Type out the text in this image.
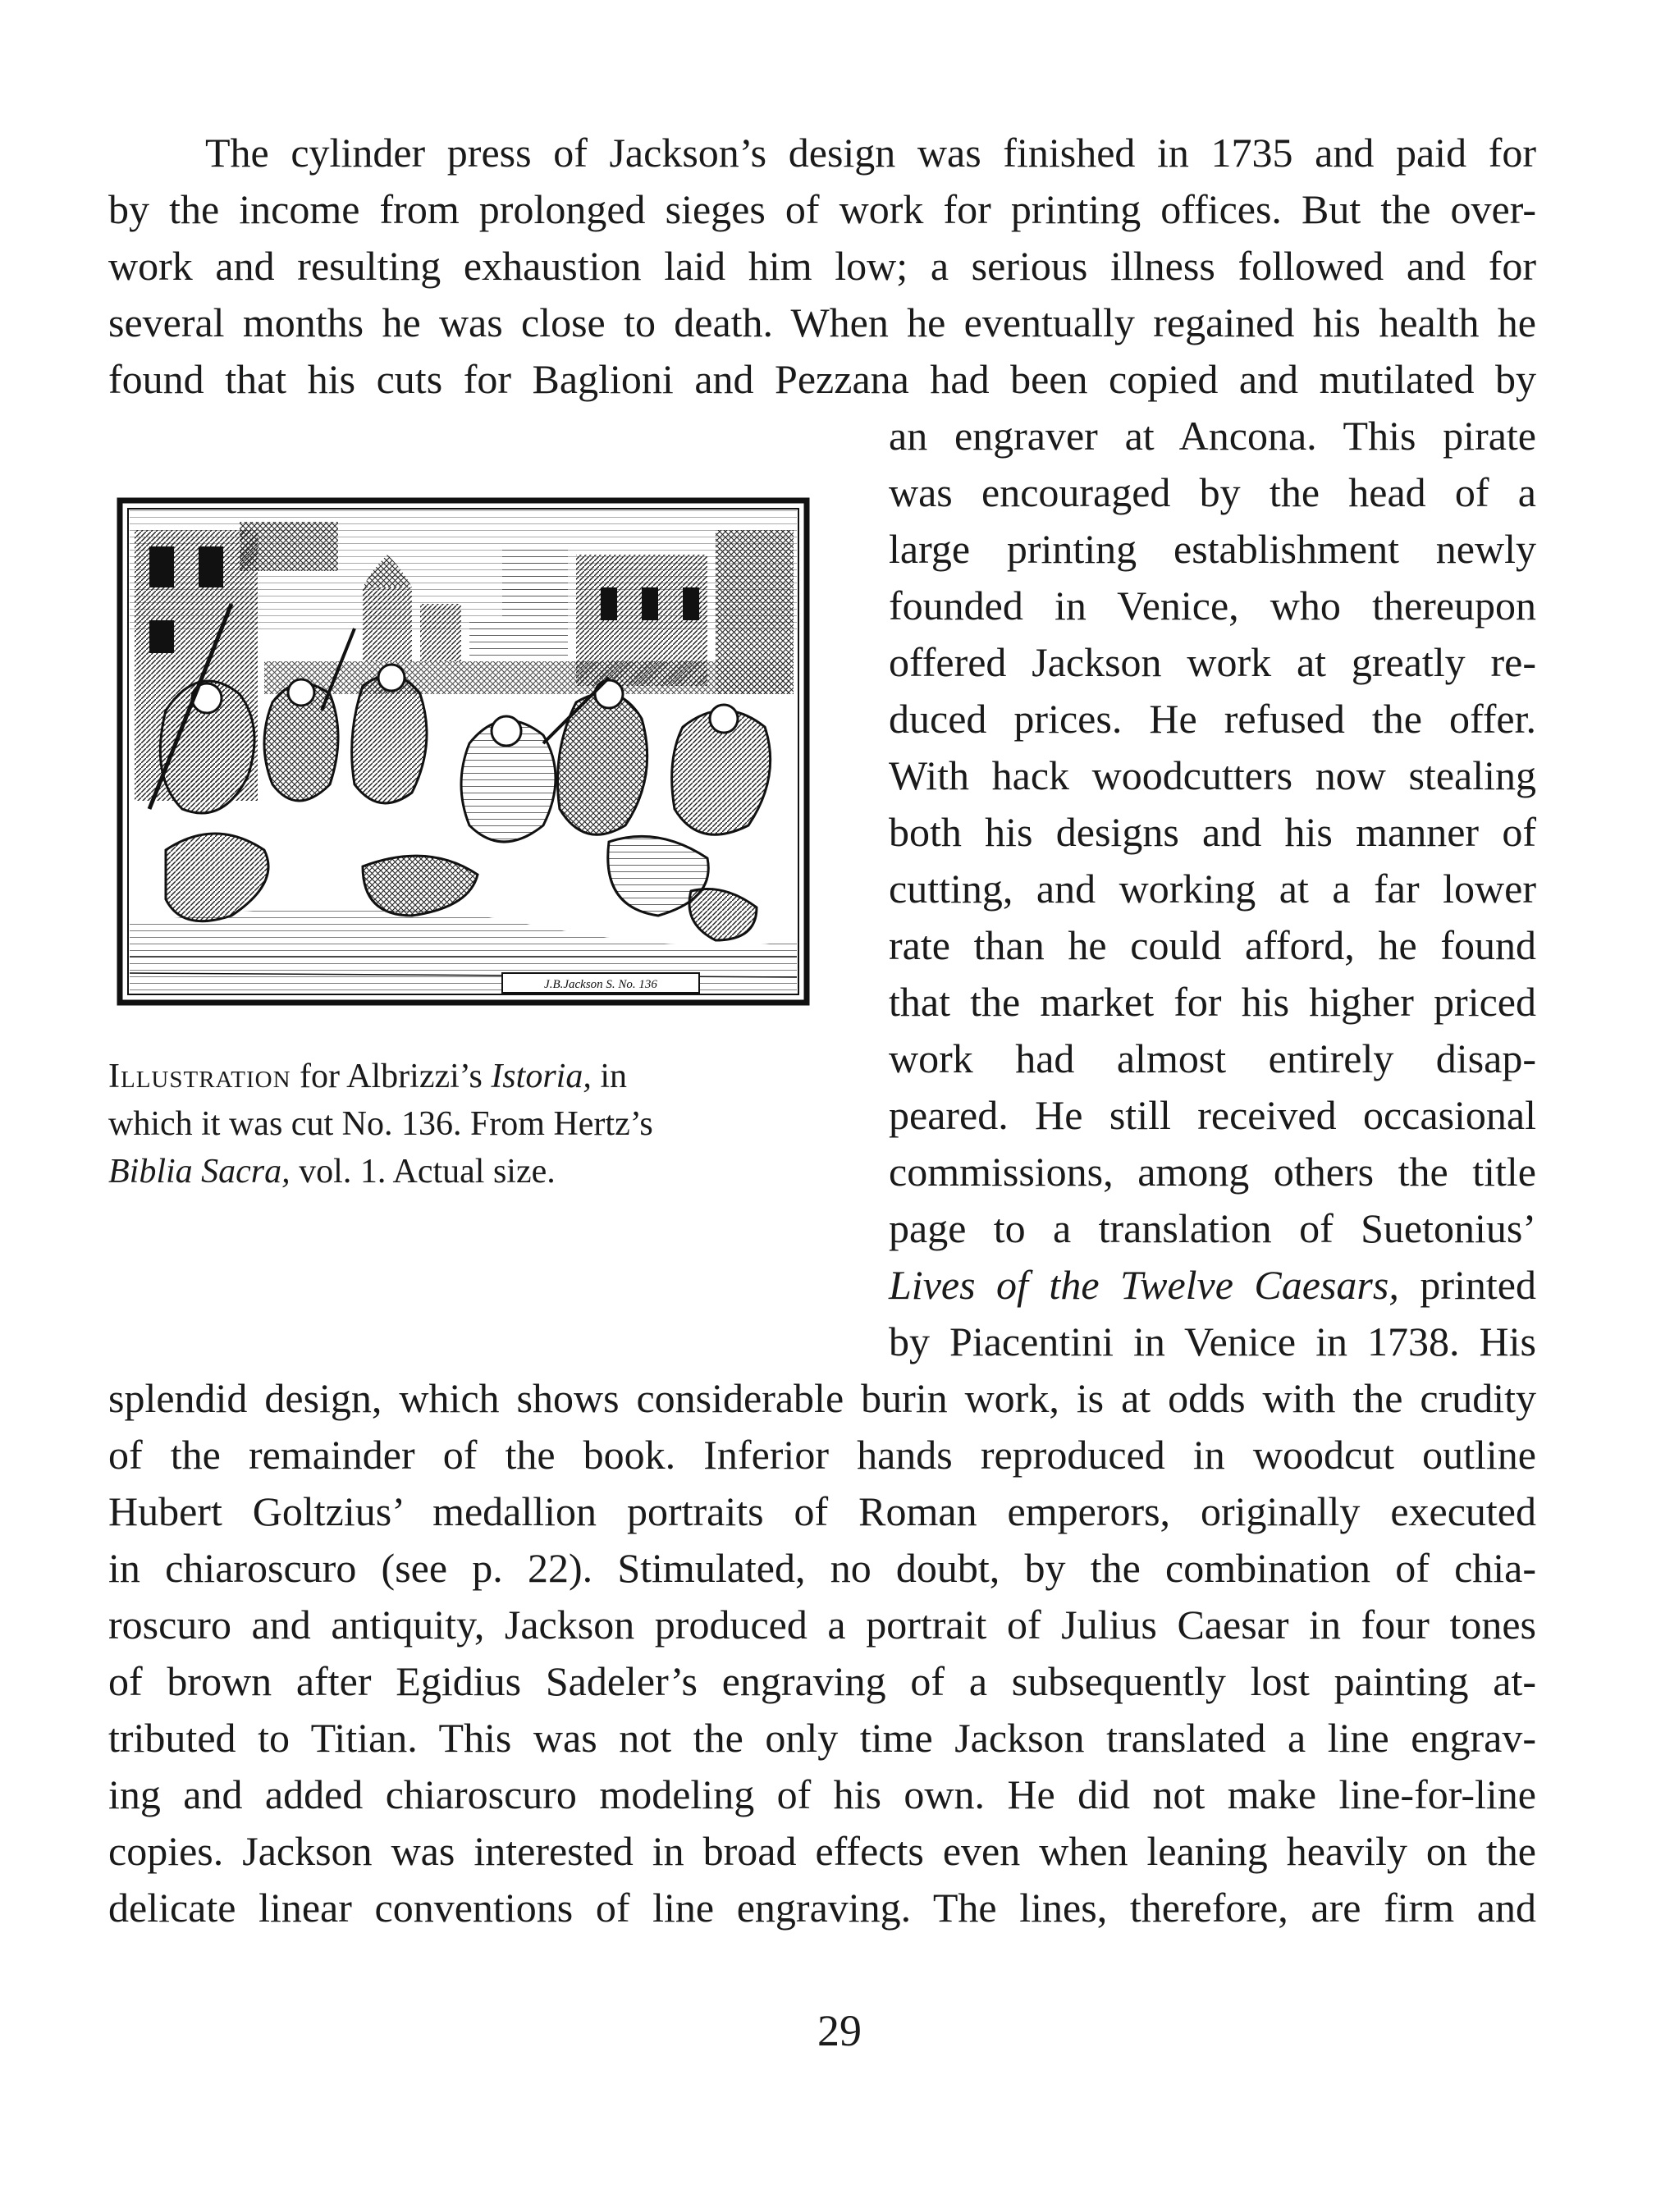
The cylinder press of Jackson’s design was finished in 1735 and paid for
by the income from prolonged sieges of work for printing offices. But the over-
work and resulting exhaustion laid him low; a serious illness followed and for
several months he was close to death. When he eventually regained his health he
found that his cuts for Baglioni and Pezzana had been copied and mutilated by
an engraver at Ancona. This pirate
was encouraged by the head of a
large printing establishment newly
founded in Venice, who thereupon
offered Jackson work at greatly re-
duced prices. He refused the offer.
With hack woodcutters now stealing
both his designs and his manner of
cutting, and working at a far lower
rate than he could afford, he found
that the market for his higher priced
work had almost entirely disap-
peared. He still received occasional
commissions, among others the title
page to a translation of Suetonius’
Lives of the Twelve Caesars, printed
by Piacentini in Venice in 1738. His
splendid design, which shows considerable burin work, is at odds with the crudity
of the remainder of the book. Inferior hands reproduced in woodcut outline
Hubert Goltzius’ medallion portraits of Roman emperors, originally executed
in chiaroscuro (see p. 22). Stimulated, no doubt, by the combination of chia-
roscuro and antiquity, Jackson produced a portrait of Julius Caesar in four tones
of brown after Egidius Sadeler’s engraving of a subsequently lost painting at-
tributed to Titian. This was not the only time Jackson translated a line engrav-
ing and added chiaroscuro modeling of his own. He did not make line-for-line
copies. Jackson was interested in broad effects even when leaning heavily on the
delicate linear conventions of line engraving. The lines, therefore, are firm and
J.B.Jackson S. No. 136
Illustration for Albrizzi’s Istoria, in
which it was cut No. 136. From Hertz’s
Biblia Sacra, vol. 1. Actual size.
29
